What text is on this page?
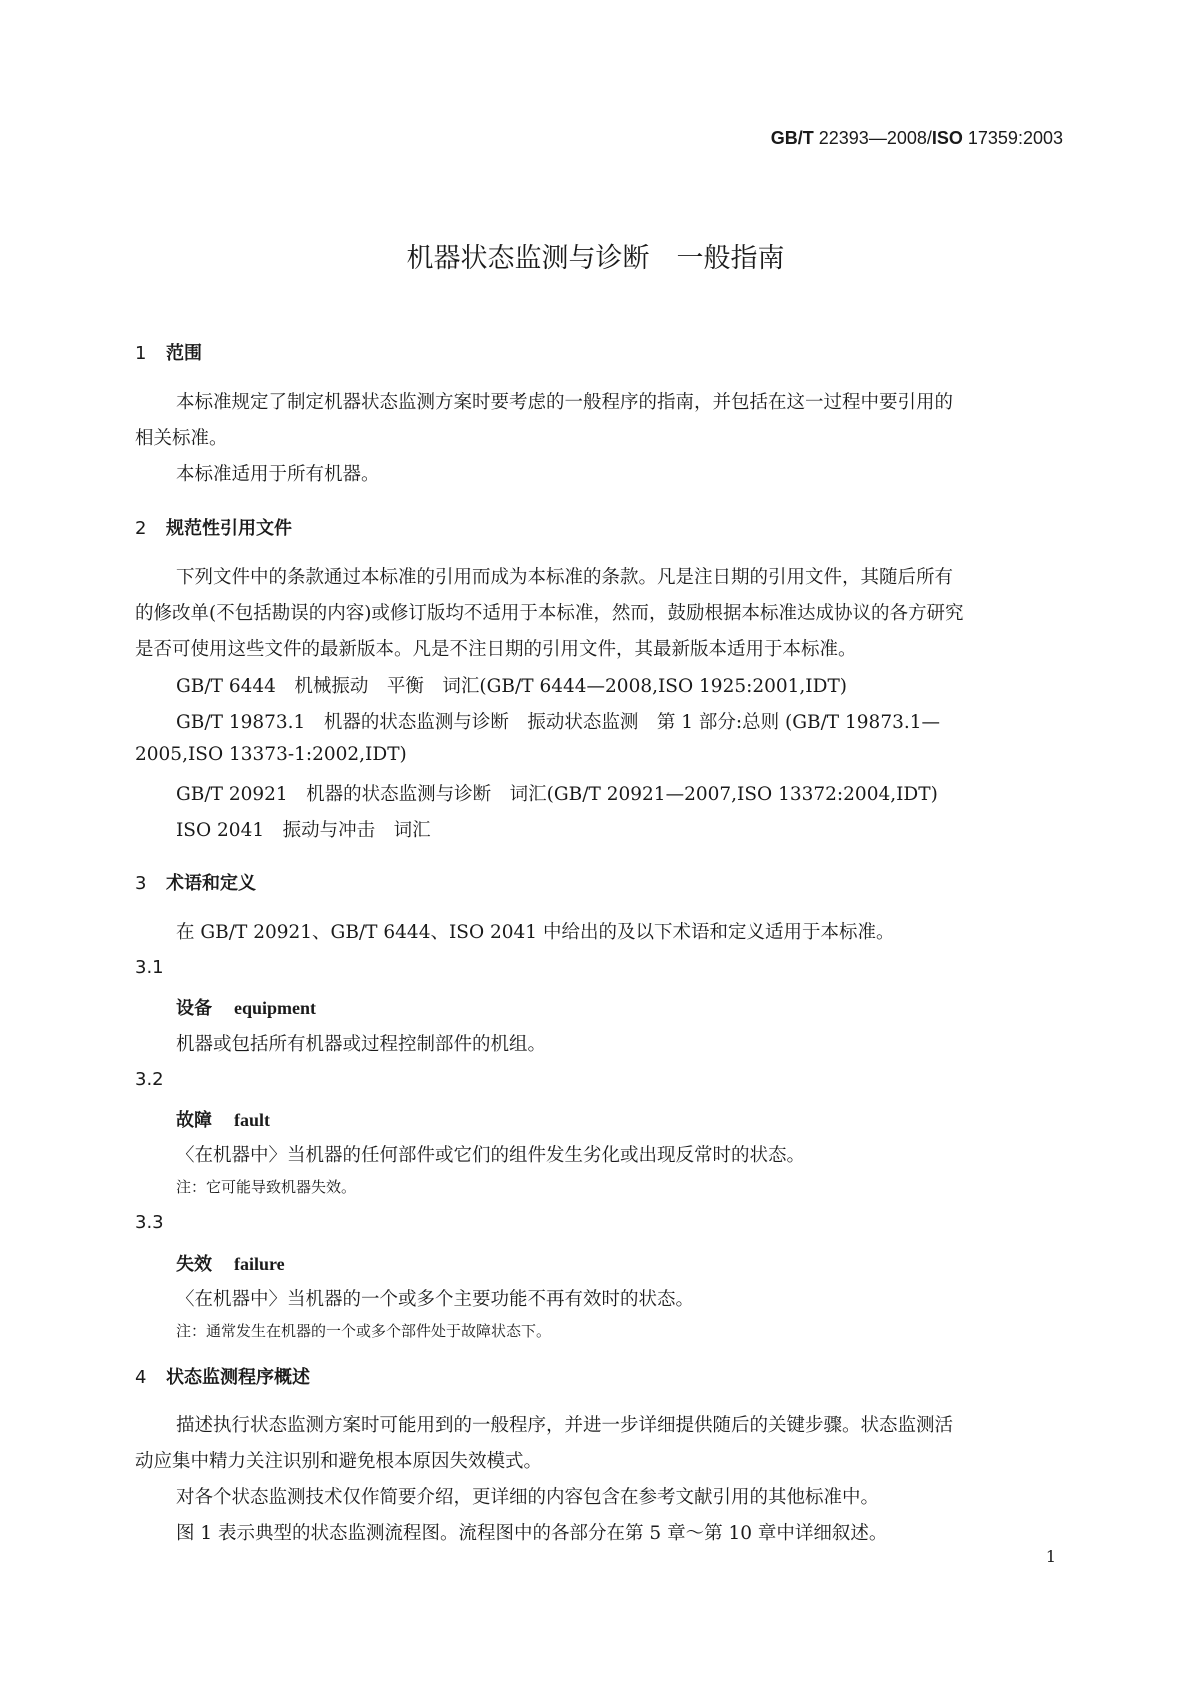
GB/T 22393—2008/ISO 17359:2003
机器状态监测与诊断　一般指南
1 范围
本标准规定了制定机器状态监测方案时要考虑的一般程序的指南，并包括在这一过程中要引用的
相关标准。
本标准适用于所有机器。
2 规范性引用文件
下列文件中的条款通过本标准的引用而成为本标准的条款。凡是注日期的引用文件，其随后所有
的修改单(不包括勘误的内容)或修订版均不适用于本标准，然而，鼓励根据本标准达成协议的各方研究
是否可使用这些文件的最新版本。凡是不注日期的引用文件，其最新版本适用于本标准。
GB/T 6444　机械振动　平衡　词汇(GB/T 6444—2008,ISO 1925:2001,IDT)
GB/T 19873.1　机器的状态监测与诊断　振动状态监测　第 1 部分:总则 (GB/T 19873.1—
2005,ISO 13373-1:2002,IDT)
GB/T 20921　机器的状态监测与诊断　词汇(GB/T 20921—2007,ISO 13372:2004,IDT)
ISO 2041　振动与冲击　词汇
3 术语和定义
在 GB/T 20921、GB/T 6444、ISO 2041 中给出的及以下术语和定义适用于本标准。
3.1
设备 equipment
机器或包括所有机器或过程控制部件的机组。
3.2
故障 fault
〈在机器中〉当机器的任何部件或它们的组件发生劣化或出现反常时的状态。
注：它可能导致机器失效。
3.3
失效 failure
〈在机器中〉当机器的一个或多个主要功能不再有效时的状态。
注：通常发生在机器的一个或多个部件处于故障状态下。
4 状态监测程序概述
描述执行状态监测方案时可能用到的一般程序，并进一步详细提供随后的关键步骤。状态监测活
动应集中精力关注识别和避免根本原因失效模式。
对各个状态监测技术仅作简要介绍，更详细的内容包含在参考文献引用的其他标准中。
图 1 表示典型的状态监测流程图。流程图中的各部分在第 5 章～第 10 章中详细叙述。
1
